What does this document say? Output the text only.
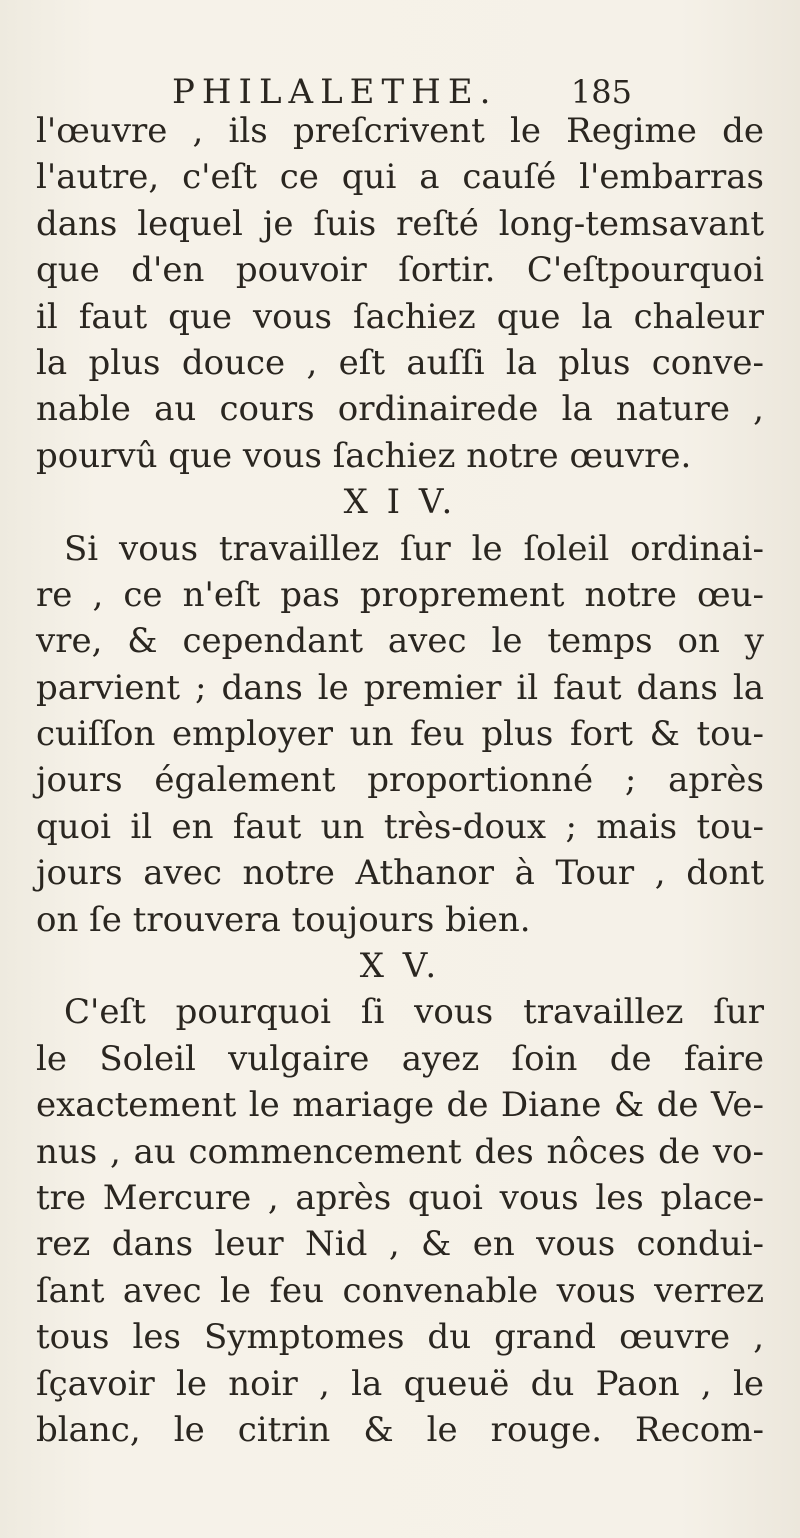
PHILALETHE. 185
l'œuvre , ils preſcrivent le Regime de
l'autre, c'eſt ce qui a cauſé l'embarras
dans lequel je ſuis reſté long-temsavant
que d'en pouvoir ſortir. C'eſtpourquoi
il faut que vous ſachiez que la chaleur
la plus douce , eſt auſſi la plus conve-
nable au cours ordinairede la nature ,
pourvû que vous ſachiez notre œuvre.
X I V.
Si vous travaillez ſur le ſoleil ordinai-
re , ce n'eſt pas proprement notre œu-
vre, & cependant avec le temps on y
parvient ; dans le premier il faut dans la
cuiſſon employer un feu plus fort & tou-
jours également proportionné ; après
quoi il en faut un très-doux ; mais tou-
jours avec notre Athanor à Tour , dont
on ſe trouvera toujours bien.
X V.
C'eſt pourquoi ſi vous travaillez ſur
le Soleil vulgaire ayez ſoin de faire
exactement le mariage de Diane & de Ve-
nus , au commencement des nôces de vo-
tre Mercure , après quoi vous les place-
rez dans leur Nid , & en vous condui-
ſant avec le feu convenable vous verrez
tous les Symptomes du grand œuvre ,
ſçavoir le noir , la queuë du Paon , le
blanc, le citrin & le rouge. Recom-
